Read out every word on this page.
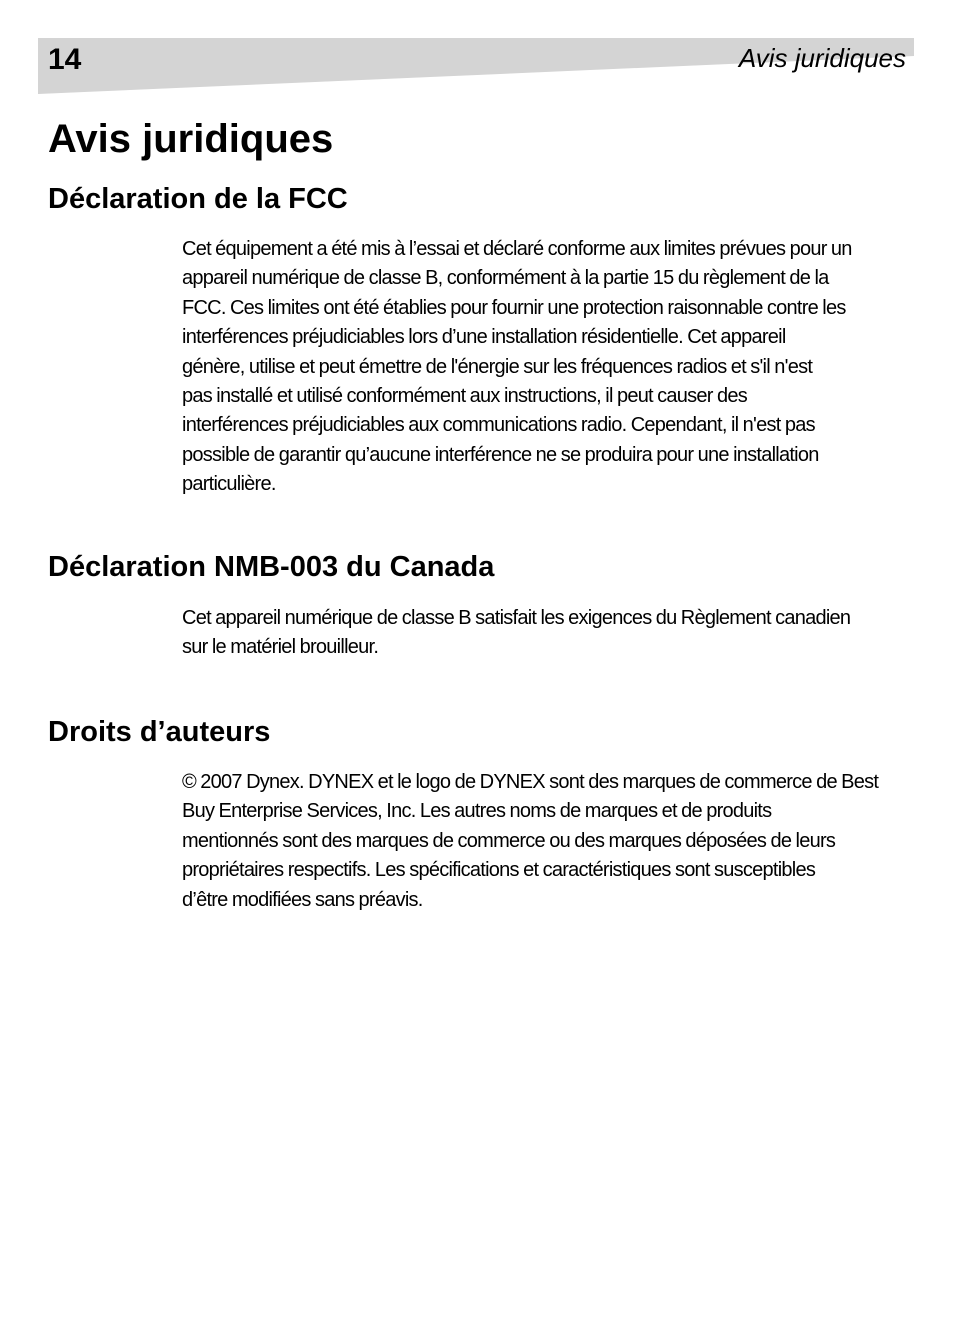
14	Avis juridiques
Avis juridiques
Déclaration de la FCC
Cet équipement a été mis à l’essai et déclaré conforme aux limites prévues pour un
appareil numérique de classe B, conformément à la partie 15 du règlement de la
FCC. Ces limites ont été établies pour fournir une protection raisonnable contre les
interférences préjudiciables lors d’une installation résidentielle. Cet appareil
génère, utilise et peut émettre de l'énergie sur les fréquences radios et s'il n'est
pas installé et utilisé conformément aux instructions, il peut causer des
interférences préjudiciables aux communications radio. Cependant, il n'est pas
possible de garantir qu’aucune interférence ne se produira pour une installation
particulière.
Déclaration NMB-003 du Canada
Cet appareil numérique de classe B satisfait les exigences du Règlement canadien
sur le matériel brouilleur.
Droits d’auteurs
© 2007 Dynex. DYNEX et le logo de DYNEX sont des marques de commerce de Best
Buy Enterprise Services, Inc. Les autres noms de marques et de produits
mentionnés sont des marques de commerce ou des marques déposées de leurs
propriétaires respectifs. Les spécifications et caractéristiques sont susceptibles
d’être modifiées sans préavis.
